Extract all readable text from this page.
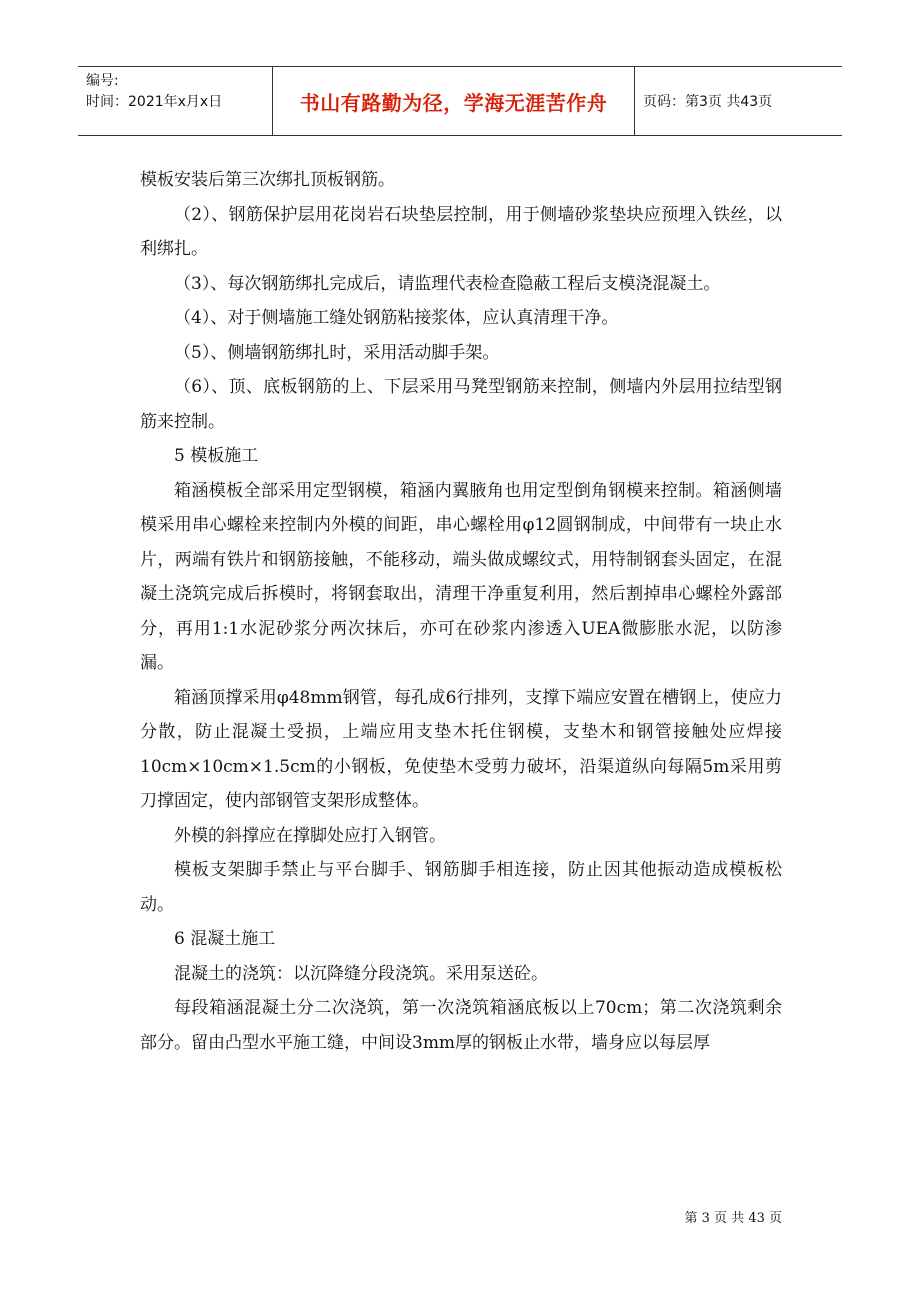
编号:
时间：2021年x月x日	书山有路勤为径，学海无涯苦作舟	页码：第3页 共43页

模板安装后第三次绑扎顶板钢筋。

（2）、钢筋保护层用花岗岩石块垫层控制，用于侧墙砂浆垫块应预埋入铁丝，以利绑扎。

（3）、每次钢筋绑扎完成后，请监理代表检查隐蔽工程后支模浇混凝土。

（4）、对于侧墙施工缝处钢筋粘接浆体，应认真清理干净。

（5）、侧墙钢筋绑扎时，采用活动脚手架。

（6）、顶、底板钢筋的上、下层采用马凳型钢筋来控制，侧墙内外层用拉结型钢筋来控制。

5 模板施工

箱涵模板全部采用定型钢模，箱涵内翼腋角也用定型倒角钢模来控制。箱涵侧墙模采用串心螺栓来控制内外模的间距，串心螺栓用φ12圆钢制成，中间带有一块止水片，两端有铁片和钢筋接触，不能移动，端头做成螺纹式，用特制钢套头固定，在混凝土浇筑完成后拆模时，将钢套取出，清理干净重复利用，然后割掉串心螺栓外露部分，再用1:1水泥砂浆分两次抹后，亦可在砂浆内渗透入UEA微膨胀水泥，以防渗漏。

箱涵顶撑采用φ48mm钢管，每孔成6行排列，支撑下端应安置在槽钢上，使应力分散，防止混凝土受损，上端应用支垫木托住钢模，支垫木和钢管接触处应焊接10cm×10cm×1.5cm的小钢板，免使垫木受剪力破坏，沿渠道纵向每隔5m采用剪刀撑固定，使内部钢管支架形成整体。

外模的斜撑应在撑脚处应打入钢管。

模板支架脚手禁止与平台脚手、钢筋脚手相连接，防止因其他振动造成模板松动。

6 混凝土施工

混凝土的浇筑：以沉降缝分段浇筑。采用泵送砼。

每段箱涵混凝土分二次浇筑，第一次浇筑箱涵底板以上70cm；第二次浇筑剩余部分。留由凸型水平施工缝，中间设3mm厚的钢板止水带，墙身应以每层厚

第 3 页 共 43 页
